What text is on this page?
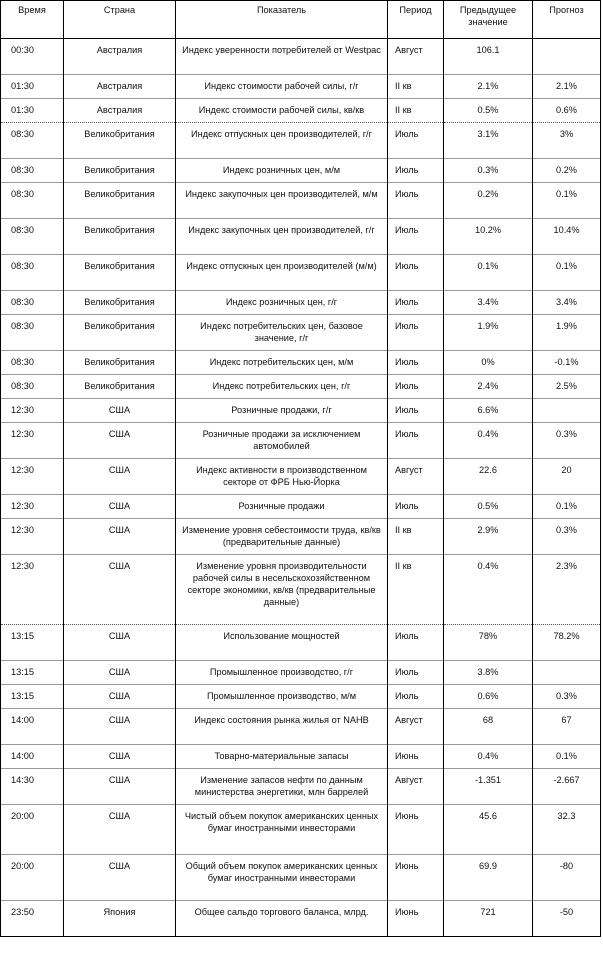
Время	Страна	Показатель	Период	Предыдущее значение	Прогноз
00:30	Австралия	Индекс уверенности потребителей от Westpac	Август	106.1	
01:30	Австралия	Индекс стоимости рабочей силы, г/г	II кв	2.1%	2.1%
01:30	Австралия	Индекс стоимости рабочей силы, кв/кв	II кв	0.5%	0.6%
08:30	Великобритания	Индекс отпускных цен производителей, г/г	Июль	3.1%	3%
08:30	Великобритания	Индекс розничных цен, м/м	Июль	0.3%	0.2%
08:30	Великобритания	Индекс закупочных цен производителей, м/м	Июль	0.2%	0.1%
08:30	Великобритания	Индекс закупочных цен производителей, г/г	Июль	10.2%	10.4%
08:30	Великобритания	Индекс отпускных цен производителей (м/м)	Июль	0.1%	0.1%
08:30	Великобритания	Индекс розничных цен, г/г	Июль	3.4%	3.4%
08:30	Великобритания	Индекс потребительских цен, базовое значение, г/г	Июль	1.9%	1.9%
08:30	Великобритания	Индекс потребительских цен, м/м	Июль	0%	-0.1%
08:30	Великобритания	Индекс потребительских цен, г/г	Июль	2.4%	2.5%
12:30	США	Розничные продажи, г/г	Июль	6.6%	
12:30	США	Розничные продажи за исключением автомобилей	Июль	0.4%	0.3%
12:30	США	Индекс активности в производственном секторе от ФРБ Нью-Йорка	Август	22.6	20
12:30	США	Розничные продажи	Июль	0.5%	0.1%
12:30	США	Изменение уровня себестоимости труда, кв/кв (предварительные данные)	II кв	2.9%	0.3%
12:30	США	Изменение уровня производительности рабочей силы в несельскохозяйственном секторе экономики, кв/кв (предварительные данные)	II кв	0.4%	2.3%
13:15	США	Использование мощностей	Июль	78%	78.2%
13:15	США	Промышленное производство, г/г	Июль	3.8%	
13:15	США	Промышленное производство, м/м	Июль	0.6%	0.3%
14:00	США	Индекс состояния рынка жилья от NAHB	Август	68	67
14:00	США	Товарно-материальные запасы	Июнь	0.4%	0.1%
14:30	США	Изменение запасов нефти по данным министерства энергетики, млн баррелей	Август	-1.351	-2.667
20:00	США	Чистый объем покупок американских ценных бумаг иностранными инвесторами	Июнь	45.6	32.3
20:00	США	Общий объем покупок американских ценных бумаг иностранными инвесторами	Июнь	69.9	-80
23:50	Япония	Общее сальдо торгового баланса, млрд.	Июнь	721	-50
